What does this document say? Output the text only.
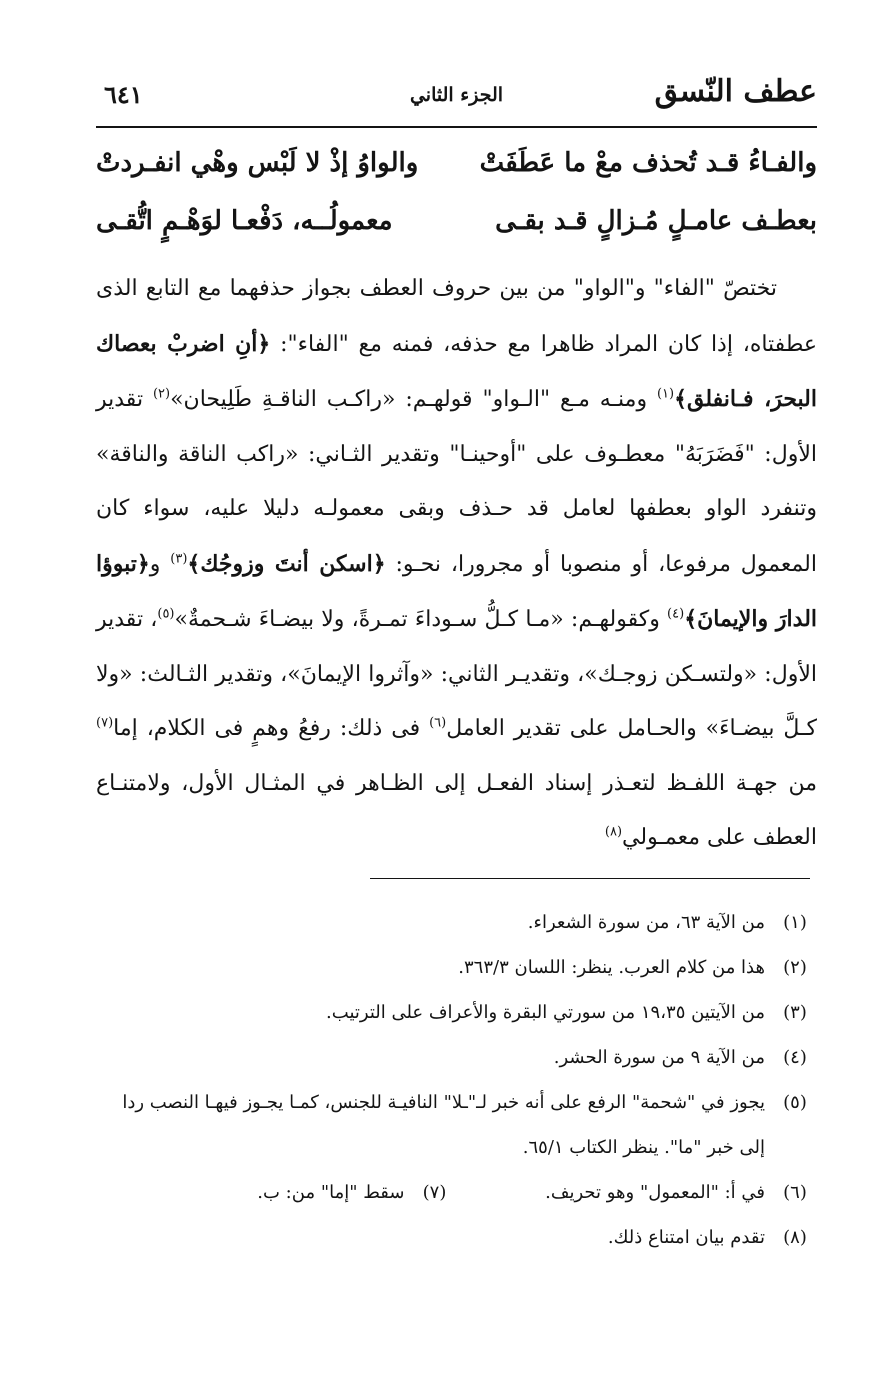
عطف النّسق
الجزء الثاني
٦٤١
والفـاءُ قـد تُحذف معْ ما عَطَفَتْ
والواوُ إذْ لا لَبْس وهْي انفـردتْ
بعطـف عامـلٍ مُـزالٍ قـد بقـى
معمولُــه، دَفْعـا لوَهْـمٍ اتُّقـى

تختصّ "الفاء" و"الواو" من بين حروف العطف بجواز حذفهما مع التابع الذى عطفتاه، إذا كان المراد ظاهرا مع حذفه، فمنه مع "الفاء": ﴿أنِ اضربْ بعصاك البحرَ، فـانفلق﴾$^{(١)}$ ومنـه مـع "الـواو" قولهـم: «راكـب الناقـةِ طَلِيحان»$^{(٢)}$ تقدير الأول: "فَضَرَبَهُ" معطـوف على "أوحينـا" وتقدير الثـاني: «راكب الناقة والناقة» وتنفرد الواو بعطفها لعامل قد حـذف وبقى معمولـه دليلا عليه، سواء كان المعمول مرفوعا، أو منصوبا أو مجرورا، نحـو: ﴿اسكن أنتَ وزوجُك﴾$^{(٣)}$ و﴿تبوؤا الدارَ والإيمانَ﴾$^{(٤)}$ وكقولهـم: «مـا كـلُّ سـوداءَ تمـرةً، ولا بيضـاءَ شـحمةٌ»$^{(٥)}$، تقدير الأول: «ولتسـكن زوجـك»، وتقديـر الثاني: «وآثروا الإيمانَ»، وتقدير الثـالث: «ولا كـلَّ بيضـاءَ» والحـامل على تقدير العامل$^{(٦)}$ فى ذلك: رفعُ وهمٍ فى الكلام، إما$^{(٧)}$ من جهـة اللفـظ لتعـذر إسناد الفعـل إلى الظـاهر في المثـال الأول، ولامتنـاع العطف على معمـولي$^{(٨)}$

(١)
من الآية ٦٣، من سورة الشعراء.
(٢)
هذا من كلام العرب. ينظر: اللسان ٣٦٣/٣.
(٣)
من الآيتين ١٩،٣٥ من سورتي البقرة والأعراف على الترتيب.
(٤)
من الآية ٩ من سورة الحشر.
(٥)
يجوز في "شحمة" الرفع على أنه خبر لـ"ـلا" النافيـة للجنس، كمـا يجـوز فيهـا النصب ردا إلى خبر "ما". ينظر الكتاب ٦٥/١.
(٦)
في أ: "المعمول" وهو تحريف.
(٧)
سقط "إما" من: ب.
(٨)
تقدم بيان امتناع ذلك.
